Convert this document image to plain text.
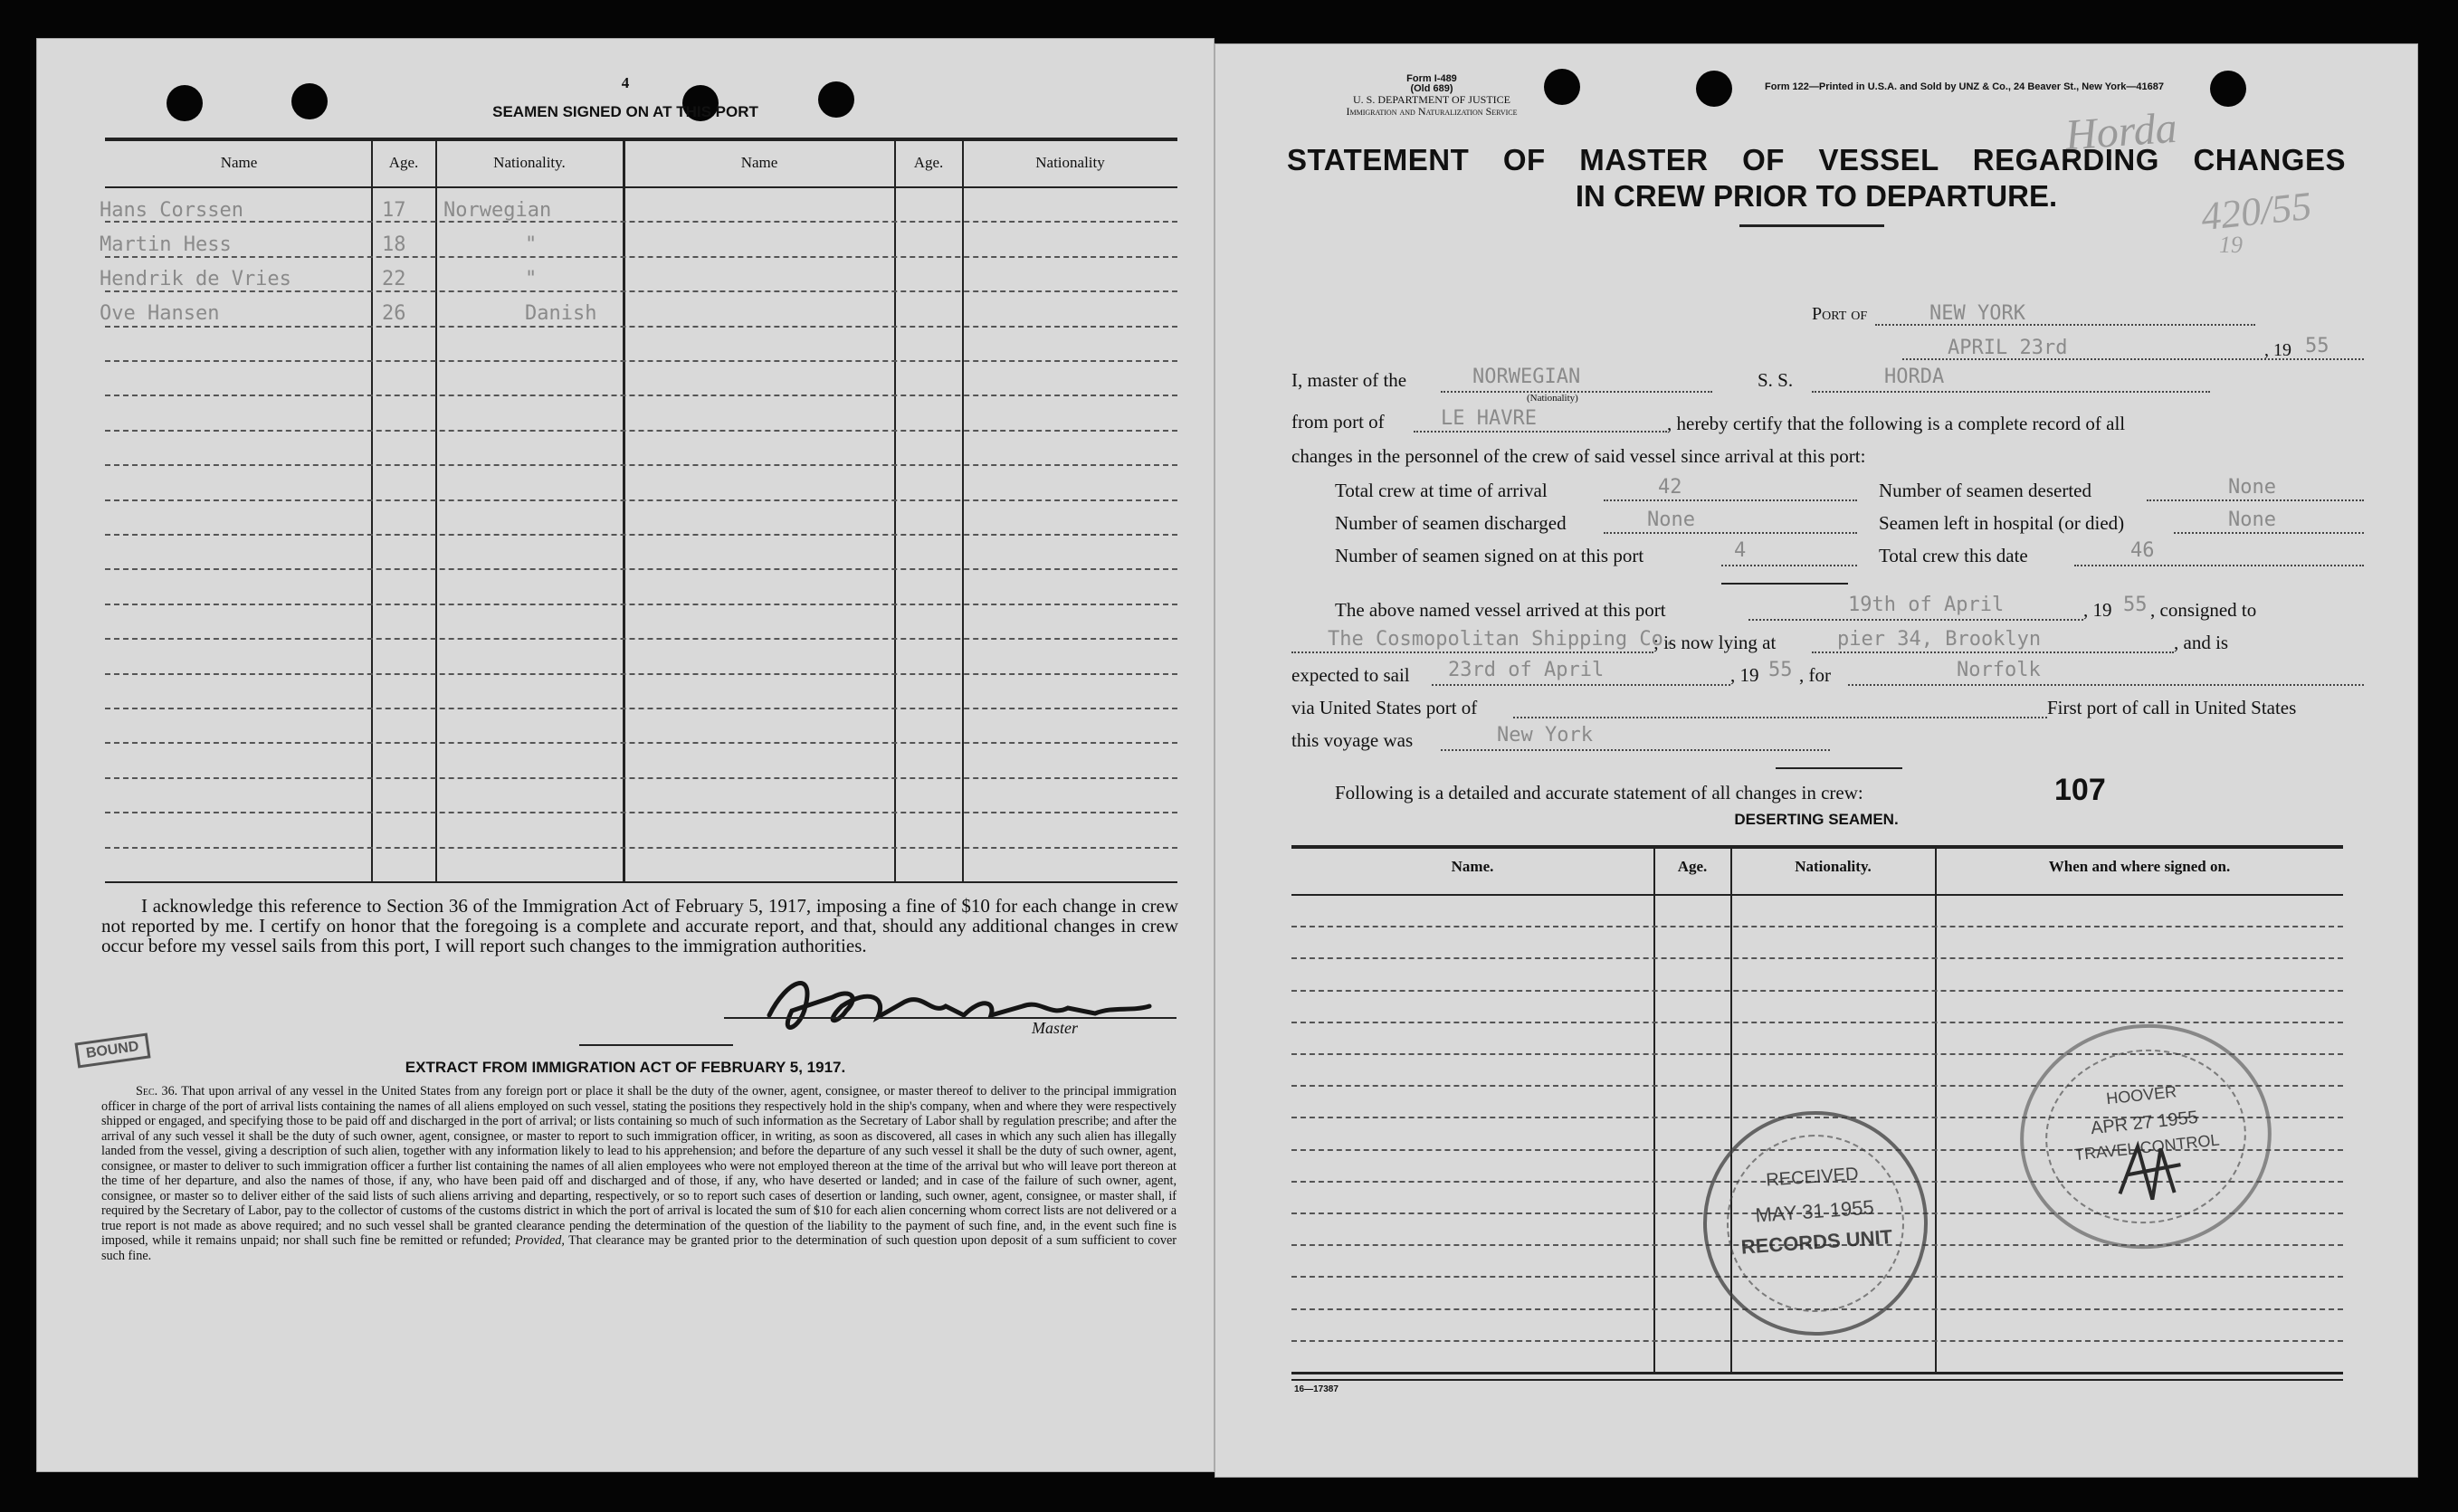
4
SEAMEN SIGNED ON AT THIS PORT
Name	Age.	Nationality.	Name	Age.	Nationality
Hans Corssen	17 Norwegian
Martin Hess	18	"
Hendrik de Vries	22	"
Ove Hansen	26	Danish
I acknowledge this reference to Section 36 of the Immigration Act of February 5, 1917, imposing a fine of $10 for each change in crew not reported by me. I certify on honor that the foregoing is a complete and accurate report, and that, should any additional changes in crew occur before my vessel sails from this port, I will report such changes to the immigration authorities.
Master
BOUND
EXTRACT FROM IMMIGRATION ACT OF FEBRUARY 5, 1917.
Sec. 36. That upon arrival of any vessel in the United States from any foreign port or place it shall be the duty of the owner, agent, consignee, or master thereof to deliver to the principal immigration officer in charge of the port of arrival lists containing the names of all aliens employed on such vessel, stating the positions they respectively hold in the ship's company, when and where they were respectively shipped or engaged, and specifying those to be paid off and discharged in the port of arrival; or lists containing so much of such information as the Secretary of Labor shall by regulation prescribe; and after the arrival of any such vessel it shall be the duty of such owner, agent, consignee, or master to report to such immigration officer, in writing, as soon as discovered, all cases in which any such alien has illegally landed from the vessel, giving a description of such alien, together with any information likely to lead to his apprehension; and before the departure of any such vessel it shall be the duty of such owner, agent, consignee, or master to deliver to such immigration officer a further list containing the names of all alien employees who were not employed thereon at the time of the arrival but who will leave port thereon at the time of her departure, and also the names of those, if any, who have been paid off and discharged and of those, if any, who have deserted or landed; and in case of the failure of such owner, agent, consignee, or master so to deliver either of the said lists of such aliens arriving and departing, respectively, or so to report such cases of desertion or landing, such owner, agent, consignee, or master shall, if required by the Secretary of Labor, pay to the collector of customs of the customs district in which the port of arrival is located the sum of $10 for each alien concerning whom correct lists are not delivered or a true report is not made as above required; and no such vessel shall be granted clearance pending the determination of the question of the liability to the payment of such fine, and, in the event such fine is imposed, while it remains unpaid; nor shall such fine be remitted or refunded; Provided, That clearance may be granted prior to the determination of such question upon deposit of a sum sufficient to cover such fine.
Form I-489
(Old 689)
U. S. DEPARTMENT OF JUSTICE
Immigration and Naturalization Service
Form 122—Printed in U.S.A. and Sold by UNZ & Co., 24 Beaver St., New York—41687
Horda
420/55
19
STATEMENT OF MASTER OF VESSEL REGARDING CHANGES
IN CREW PRIOR TO DEPARTURE.
Port of	NEW YORK
APRIL 23rd	, 19 55
I, master of the	NORWEGIAN
(Nationality)
S. S.	HORDA
from port of	LE HAVRE	, hereby certify that the following is a complete record of all
changes in the personnel of the crew of said vessel since arrival at this port:
Total crew at time of arrival	42	Number of seamen deserted	None
Number of seamen discharged	None	Seamen left in hospital (or died)	None
Number of seamen signed on at this port	4	Total crew this date	46
The above named vessel arrived at this port	19th of April	, 19 55 , consigned to
The Cosmopolitan Shipping Co.
; is now lying at	pier 34, Brooklyn	, and is
expected to sail 23rd of April	, 19 55 , for	Norfolk
via United States port of	First port of call in United States
this voyage was	New York
Following is a detailed and accurate statement of all changes in crew:	107
DESERTING SEAMEN.
Name.	Age.	Nationality.	When and where signed on.
RECEIVED
MAY 31 1955
RECORDS UNIT
HOOVER
APR 27 1955
TRAVEL CONTROL
16—17387
